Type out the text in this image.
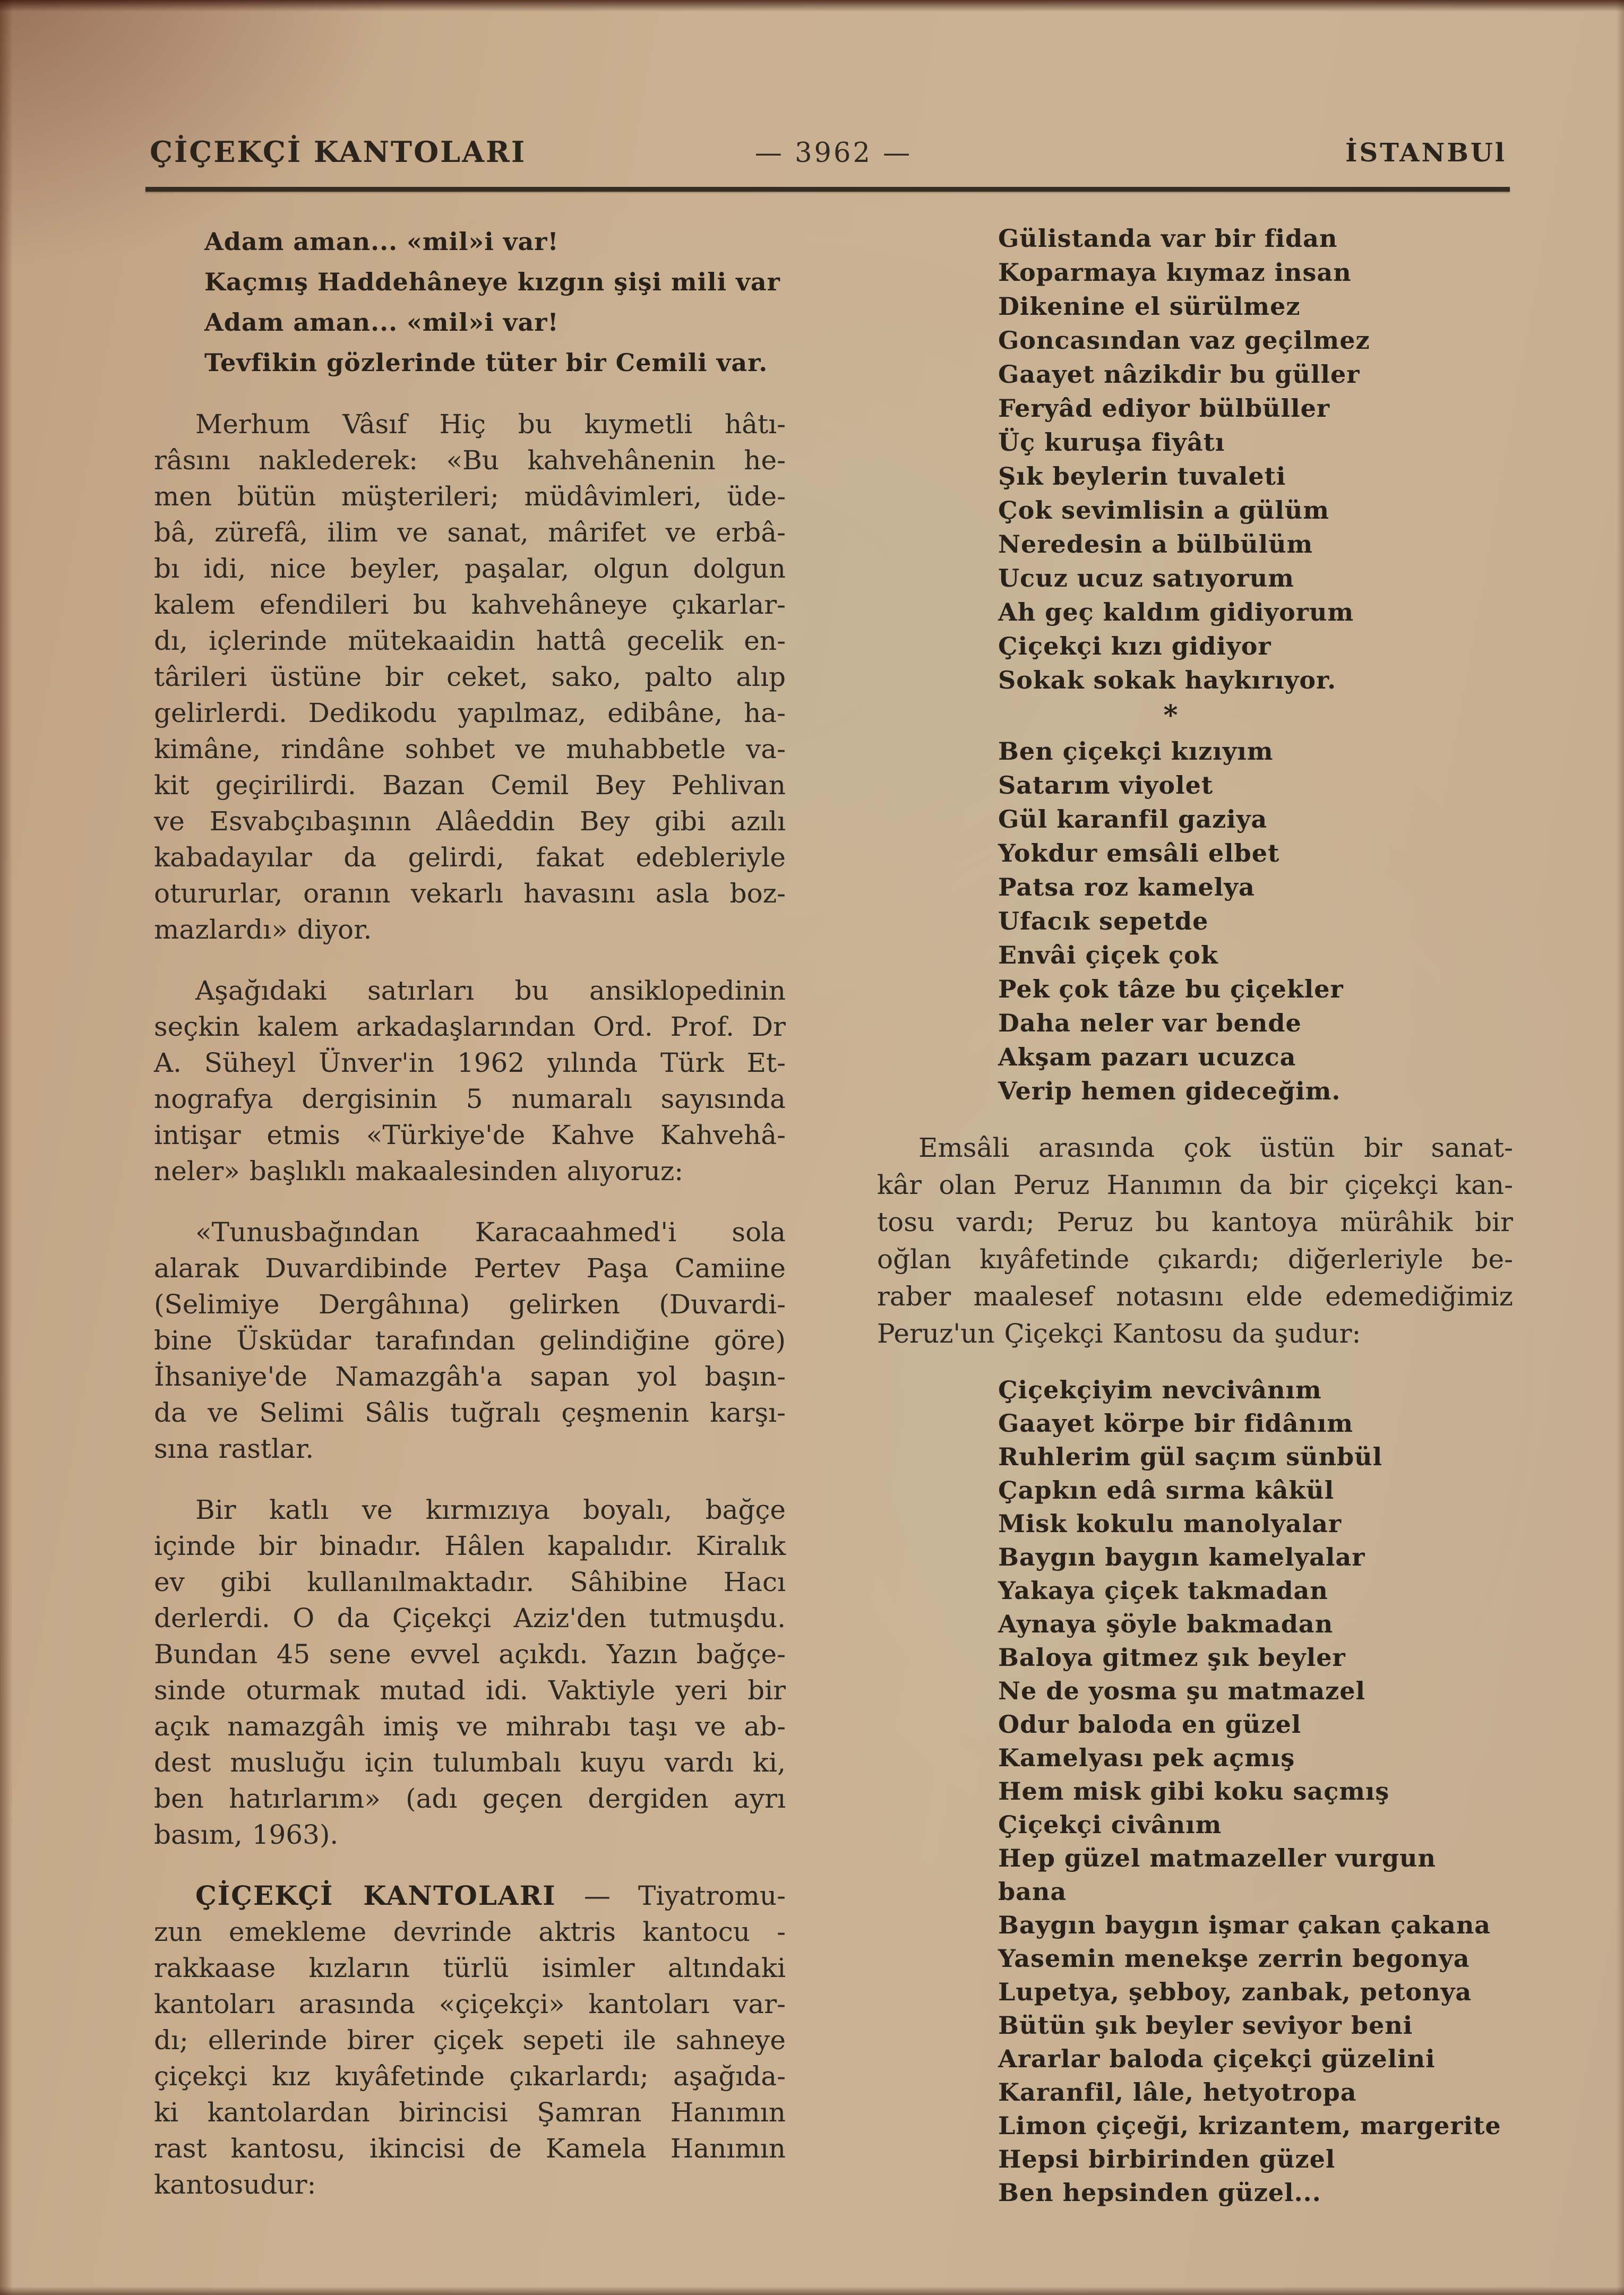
ÇİÇEKÇİ KANTOLARI	— 3962 —	İSTANBUl
Adam aman... «mil»i var!
Kaçmış Haddehâneye kızgın şişi mili var
Adam aman... «mil»i var!
Tevfikin gözlerinde tüter bir Cemili var.
Merhum Vâsıf Hiç bu kıymetli hâtı-
râsını naklederek: «Bu kahvehânenin he-
men bütün müşterileri; müdâvimleri, üde-
bâ, zürefâ, ilim ve sanat, mârifet ve erbâ-
bı idi, nice beyler, paşalar, olgun dolgun
kalem efendileri bu kahvehâneye çıkarlar-
dı, içlerinde mütekaaidin hattâ gecelik en-
târileri üstüne bir ceket, sako, palto alıp
gelirlerdi. Dedikodu yapılmaz, edibâne, ha-
kimâne, rindâne sohbet ve muhabbetle va-
kit geçirilirdi. Bazan Cemil Bey Pehlivan
ve Esvabçıbaşının Alâeddin Bey gibi azılı
kabadayılar da gelirdi, fakat edebleriyle
otururlar, oranın vekarlı havasını asla boz-
mazlardı» diyor.
Aşağıdaki satırları bu ansiklopedinin
seçkin kalem arkadaşlarından Ord. Prof. Dr
A. Süheyl Ünver'in 1962 yılında Türk Et-
nografya dergisinin 5 numaralı sayısında
intişar etmis «Türkiye'de Kahve Kahvehâ-
neler» başlıklı makaalesinden alıyoruz:
«Tunusbağından Karacaahmed'i sola
alarak Duvardibinde Pertev Paşa Camiine
(Selimiye Dergâhına) gelirken (Duvardi-
bine Üsküdar tarafından gelindiğine göre)
İhsaniye'de Namazgâh'a sapan yol başın-
da ve Selimi Sâlis tuğralı çeşmenin karşı-
sına rastlar.
Bir katlı ve kırmızıya boyalı, bağçe
içinde bir binadır. Hâlen kapalıdır. Kiralık
ev gibi kullanılmaktadır. Sâhibine Hacı
derlerdi. O da Çiçekçi Aziz'den tutmuşdu.
Bundan 45 sene evvel açıkdı. Yazın bağçe-
sinde oturmak mutad idi. Vaktiyle yeri bir
açık namazgâh imiş ve mihrabı taşı ve ab-
dest musluğu için tulumbalı kuyu vardı ki,
ben hatırlarım» (adı geçen dergiden ayrı
basım, 1963).
ÇİÇEKÇİ KANTOLARI — Tiyatromu-
zun emekleme devrinde aktris kantocu -
rakkaase kızların türlü isimler altındaki
kantoları arasında «çiçekçi» kantoları var-
dı; ellerinde birer çiçek sepeti ile sahneye
çiçekçi kız kıyâfetinde çıkarlardı; aşağıda-
ki kantolardan birincisi Şamran Hanımın
rast kantosu, ikincisi de Kamela Hanımın
kantosudur:
Gülistanda var bir fidan
Koparmaya kıymaz insan
Dikenine el sürülmez
Goncasından vaz geçilmez
Gaayet nâzikdir bu güller
Feryâd ediyor bülbüller
Üç kuruşa fiyâtı
Şık beylerin tuvaleti
Çok sevimlisin a gülüm
Neredesin a bülbülüm
Ucuz ucuz satıyorum
Ah geç kaldım gidiyorum
Çiçekçi kızı gidiyor
Sokak sokak haykırıyor.
*
Ben çiçekçi kızıyım
Satarım viyolet
Gül karanfil gaziya
Yokdur emsâli elbet
Patsa roz kamelya
Ufacık sepetde
Envâi çiçek çok
Pek çok tâze bu çiçekler
Daha neler var bende
Akşam pazarı ucuzca
Verip hemen gideceğim.
Emsâli arasında çok üstün bir sanat-
kâr olan Peruz Hanımın da bir çiçekçi kan-
tosu vardı; Peruz bu kantoya mürâhik bir
oğlan kıyâfetinde çıkardı; diğerleriyle be-
raber maalesef notasını elde edemediğimiz
Peruz'un Çiçekçi Kantosu da şudur:
Çiçekçiyim nevcivânım
Gaayet körpe bir fidânım
Ruhlerim gül saçım sünbül
Çapkın edâ sırma kâkül
Misk kokulu manolyalar
Baygın baygın kamelyalar
Yakaya çiçek takmadan
Aynaya şöyle bakmadan
Baloya gitmez şık beyler
Ne de yosma şu matmazel
Odur baloda en güzel
Kamelyası pek açmış
Hem misk gibi koku saçmış
Çiçekçi civânım
Hep güzel matmazeller vurgun bana
Baygın baygın işmar çakan çakana
Yasemin menekşe zerrin begonya
Lupetya, şebboy, zanbak, petonya
Bütün şık beyler seviyor beni
Ararlar baloda çiçekçi güzelini
Karanfil, lâle, hetyotropa
Limon çiçeği, krizantem, margerite
Hepsi birbirinden güzel
Ben hepsinden güzel...
